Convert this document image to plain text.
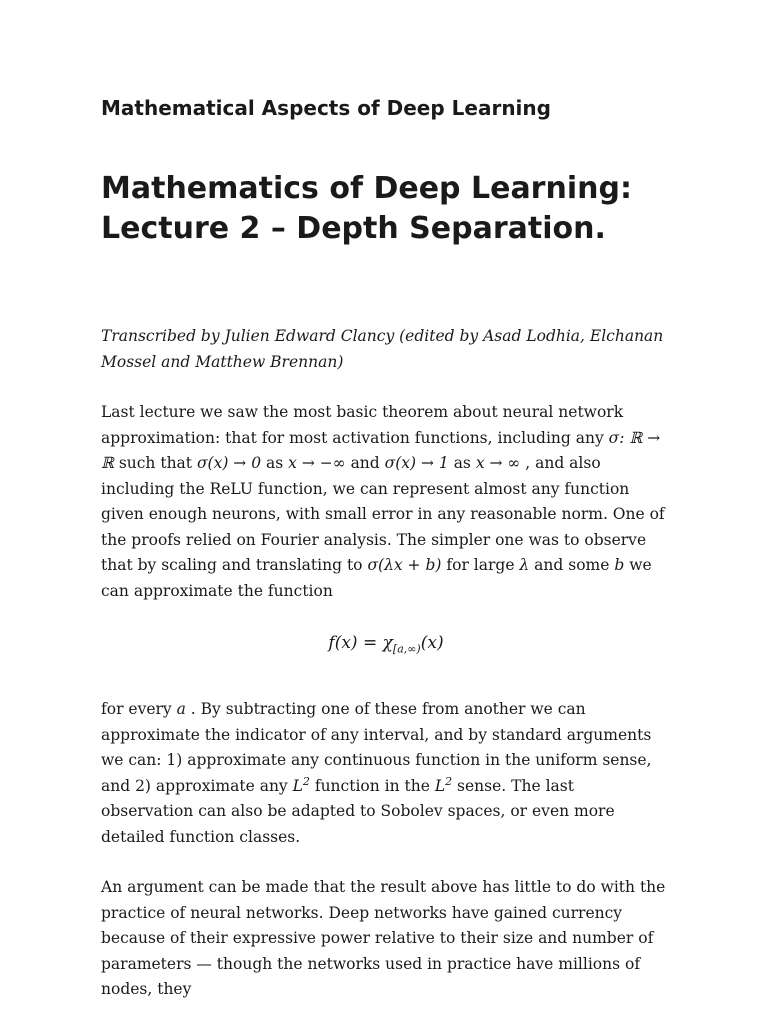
Mathematical Aspects of Deep Learning

Mathematics of Deep Learning:
Lecture 2 – Depth Separation.

Transcribed by Julien Edward Clancy (edited by Asad Lodhia, Elchanan Mossel and Matthew Brennan)

Last lecture we saw the most basic theorem about neural network approximation: that for most activation functions, including any σ: ℝ → ℝ such that σ(x) → 0 as x → −∞ and σ(x) → 1 as x → ∞ , and also including the ReLU function, we can represent almost any function given enough neurons, with small error in any reasonable norm. One of the proofs relied on Fourier analysis. The simpler one was to observe that by scaling and translating to σ(λx + b) for large λ and some b we can approximate the function

$f(x) = \chi_{[a,\infty)}(x)$

for every a . By subtracting one of these from another we can approximate the indicator of any interval, and by standard arguments we can: 1) approximate any continuous function in the uniform sense, and 2) approximate any $L^2$ function in the $L^2$ sense. The last observation can also be adapted to Sobolev spaces, or even more detailed function classes.

An argument can be made that the result above has little to do with the practice of neural networks. Deep networks have gained currency because of their expressive power relative to their size and number of parameters — though the networks used in practice have millions of nodes, they
